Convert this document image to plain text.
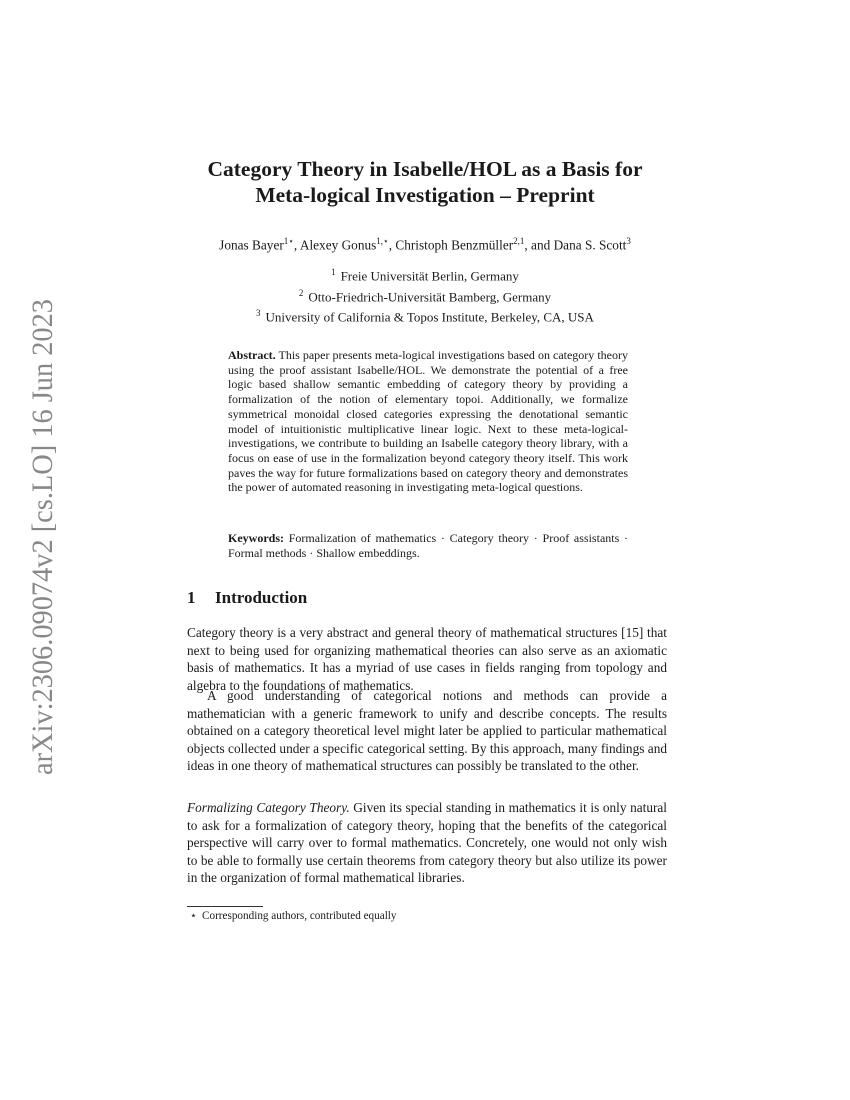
arXiv:2306.09074v2 [cs.LO] 16 Jun 2023
Category Theory in Isabelle/HOL as a Basis for
Meta-logical Investigation – Preprint
Jonas Bayer$^{1⋆}$, Alexey Gonus$^{1,⋆}$, Christoph Benzmüller$^{2,1}$, and Dana S. Scott$^3$
$^1$ Freie Universität Berlin, Germany
$^2$ Otto-Friedrich-Universität Bamberg, Germany
$^3$ University of California & Topos Institute, Berkeley, CA, USA
Abstract. This paper presents meta-logical investigations based on category theory using the proof assistant Isabelle/HOL. We demonstrate the potential of a free logic based shallow semantic embedding of category theory by providing a formalization of the notion of elementary topoi. Additionally, we formalize symmetrical monoidal closed categories expressing the denotational semantic model of intuitionistic multiplicative linear logic. Next to these meta-logical-investigations, we contribute to building an Isabelle category theory library, with a focus on ease of use in the formalization beyond category theory itself. This work paves the way for future formalizations based on category theory and demonstrates the power of automated reasoning in investigating meta-logical questions.
Keywords: Formalization of mathematics · Category theory · Proof assistants · Formal methods · Shallow embeddings.
1 Introduction
Category theory is a very abstract and general theory of mathematical structures [15] that next to being used for organizing mathematical theories can also serve as an axiomatic basis of mathematics. It has a myriad of use cases in fields ranging from topology and algebra to the foundations of mathematics.
A good understanding of categorical notions and methods can provide a mathematician with a generic framework to unify and describe concepts. The results obtained on a category theoretical level might later be applied to particular mathematical objects collected under a specific categorical setting. By this approach, many findings and ideas in one theory of mathematical structures can possibly be translated to the other.
Formalizing Category Theory. Given its special standing in mathematics it is only natural to ask for a formalization of category theory, hoping that the benefits of the categorical perspective will carry over to formal mathematics. Concretely, one would not only wish to be able to formally use certain theorems from category theory but also utilize its power in the organization of formal mathematical libraries.
⋆ Corresponding authors, contributed equally
